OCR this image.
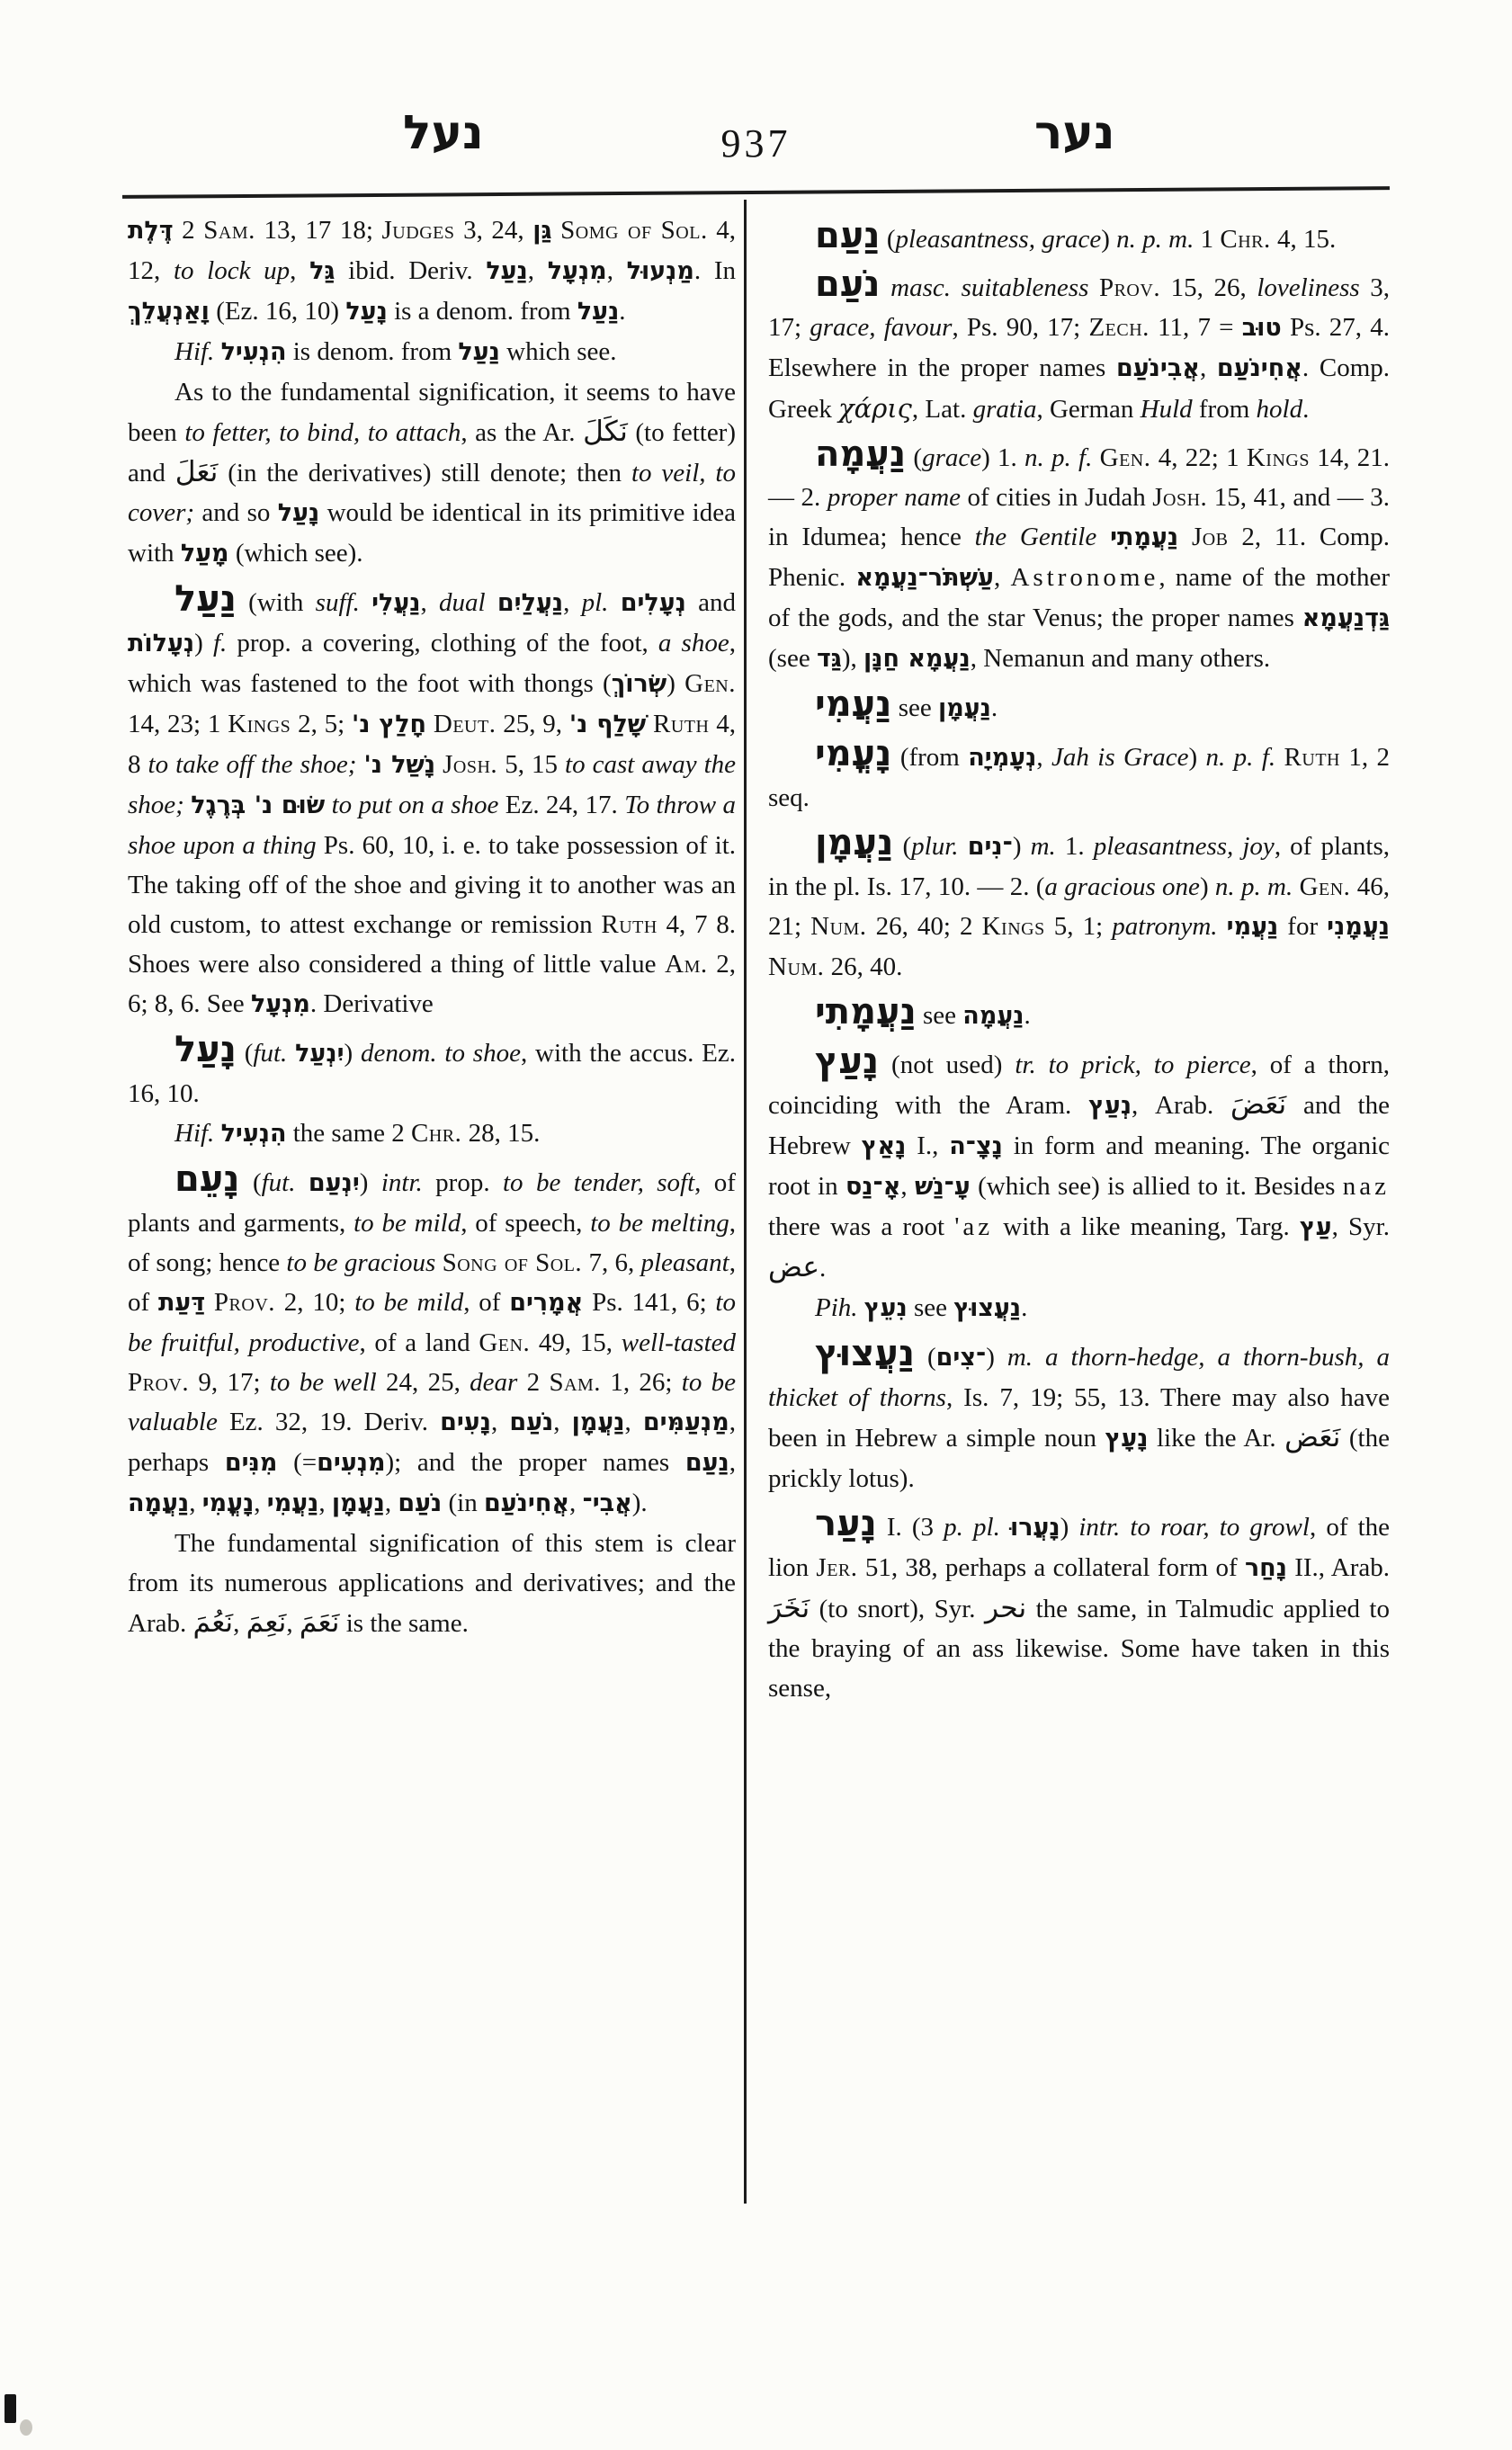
נעל	937	נער

דֶּלֶת 2 Sam. 13, 17 18; Judges 3, 24, גַּן Somg of Sol. 4, 12, to lock up, גַּל ibid. Deriv. נַעַל, מִנְעָל, מַנְעוּל. In וָאַנְעֲלֵךְ (Ez. 16, 10) נָעַל is a denom. from נַעַל.

Hif. הִנְעִיל is denom. from נַעַל which see.

As to the fundamental signification, it seems to have been to fetter, to bind, to attach, as the Ar. نَكَلَ (to fetter) and نَعَلَ (in the derivatives) still denote; then to veil, to cover; and so נָעַל would be identical in its primitive idea with מָעַל (which see).

נַעַל (with suff. נַעֲלִי, dual נַעֲלַיִם, pl. נְעָלִים and נְעָלוֹת) f. prop. a covering, clothing of the foot, a shoe, which was fastened to the foot with thongs (שְׂרוֹךְ) Gen. 14, 23; 1 Kings 2, 5; חָלַץ נ' Deut. 25, 9, שָׁלַף נ' Ruth 4, 8 to take off the shoe; נָשַׁל נ' Josh. 5, 15 to cast away the shoe; שׂוּם נ' בְּרֶגֶל to put on a shoe Ez. 24, 17. To throw a shoe upon a thing Ps. 60, 10, i. e. to take possession of it. The taking off of the shoe and giving it to another was an old custom, to attest exchange or remission Ruth 4, 7 8. Shoes were also considered a thing of little value Am. 2, 6; 8, 6. See מִנְעָל. Derivative

נָעַל (fut. יִנְעַל) denom. to shoe, with the accus. Ez. 16, 10.

Hif. הִנְעִיל the same 2 Chr. 28, 15.

נָעֵם (fut. יִנְעַם) intr. prop. to be tender, soft, of plants and garments, to be mild, of speech, to be melting, of song; hence to be gracious Song of Sol. 7, 6, pleasant, of דַּעַת Prov. 2, 10; to be mild, of אֲמָרִים Ps. 141, 6; to be fruitful, productive, of a land Gen. 49, 15, well-tasted Prov. 9, 17; to be well 24, 25, dear 2 Sam. 1, 26; to be valuable Ez. 32, 19. Deriv. נָעִים, נֹעַם, נַעֲמָן, מַנְעַמִּים, perhaps מִנִּים (=מִנְעִים); and the proper names נַעַם, נַעֲמָה, נָעֳמִי, נַעֲמִי, נַעֲמָן, נֹעַם (in אֲחִינֹעַם, אֲבִי־).

The fundamental signification of this stem is clear from its numerous applications and derivatives; and the Arab. نَعُمَ, نَعِمَ, نَعَمَ is the same.

נַעַם (pleasantness, grace) n. p. m. 1 Chr. 4, 15.

נֹעַם masc. suitableness Prov. 15, 26, loveliness 3, 17; grace, favour, Ps. 90, 17; Zech. 11, 7 = טוּב Ps. 27, 4. Elsewhere in the proper names אֲבִינֹעַם, אֲחִינֹעַם. Comp. Greek χάρις, Lat. gratia, German Huld from hold.

נַעֲמָה (grace) 1. n. p. f. Gen. 4, 22; 1 Kings 14, 21. — 2. proper name of cities in Judah Josh. 15, 41, and — 3. in Idumea; hence the Gentile נַעֲמָתִי Job 2, 11. Comp. Phenic. עַשְׁתֹּר־נַעֲמָא, Astronome, name of the mother of the gods, and the star Venus; the proper names גַּדְנַעֲמָא (see גַּד), נַעֲמָא חַנָּן, Nemanun and many others.

נַעֲמִי see נַעֲמָן.

נָעֳמִי (from נְעָמְיָה, Jah is Grace) n. p. f. Ruth 1, 2 seq.

נַעֲמָן (plur. ־נִים) m. 1. pleasantness, joy, of plants, in the pl. Is. 17, 10. — 2. (a gracious one) n. p. m. Gen. 46, 21; Num. 26, 40; 2 Kings 5, 1; patronym. נַעֲמִי for נַעֲמָנִי Num. 26, 40.

נַעֲמָתִי see נַעֲמָה.

נָעַץ (not used) tr. to prick, to pierce, of a thorn, coinciding with the Aram. נְעַץ, Arab. نَعَضَ and the Hebrew נָאַץ I., נָצָ־ה in form and meaning. The organic root in אָ־נַס, עָ־נַשׁ (which see) is allied to it. Besides naz there was a root 'az with a like meaning, Targ. עַץ, Syr. عض.

Pih. נִעֵץ see נַעֲצוּץ.

נַעֲצוּץ (־צִים) m. a thorn-hedge, a thorn-bush, a thicket of thorns, Is. 7, 19; 55, 13. There may also have been in Hebrew a simple noun נָעָץ like the Ar. نَعَض (the prickly lotus).

נָעַר I. (3 p. pl. נָעֲרוּ) intr. to roar, to growl, of the lion Jer. 51, 38, perhaps a collateral form of נָחַר II., Arab. نَخَرَ (to snort), Syr. نحر the same, in Talmudic applied to the braying of an ass likewise. Some have taken in this sense,
